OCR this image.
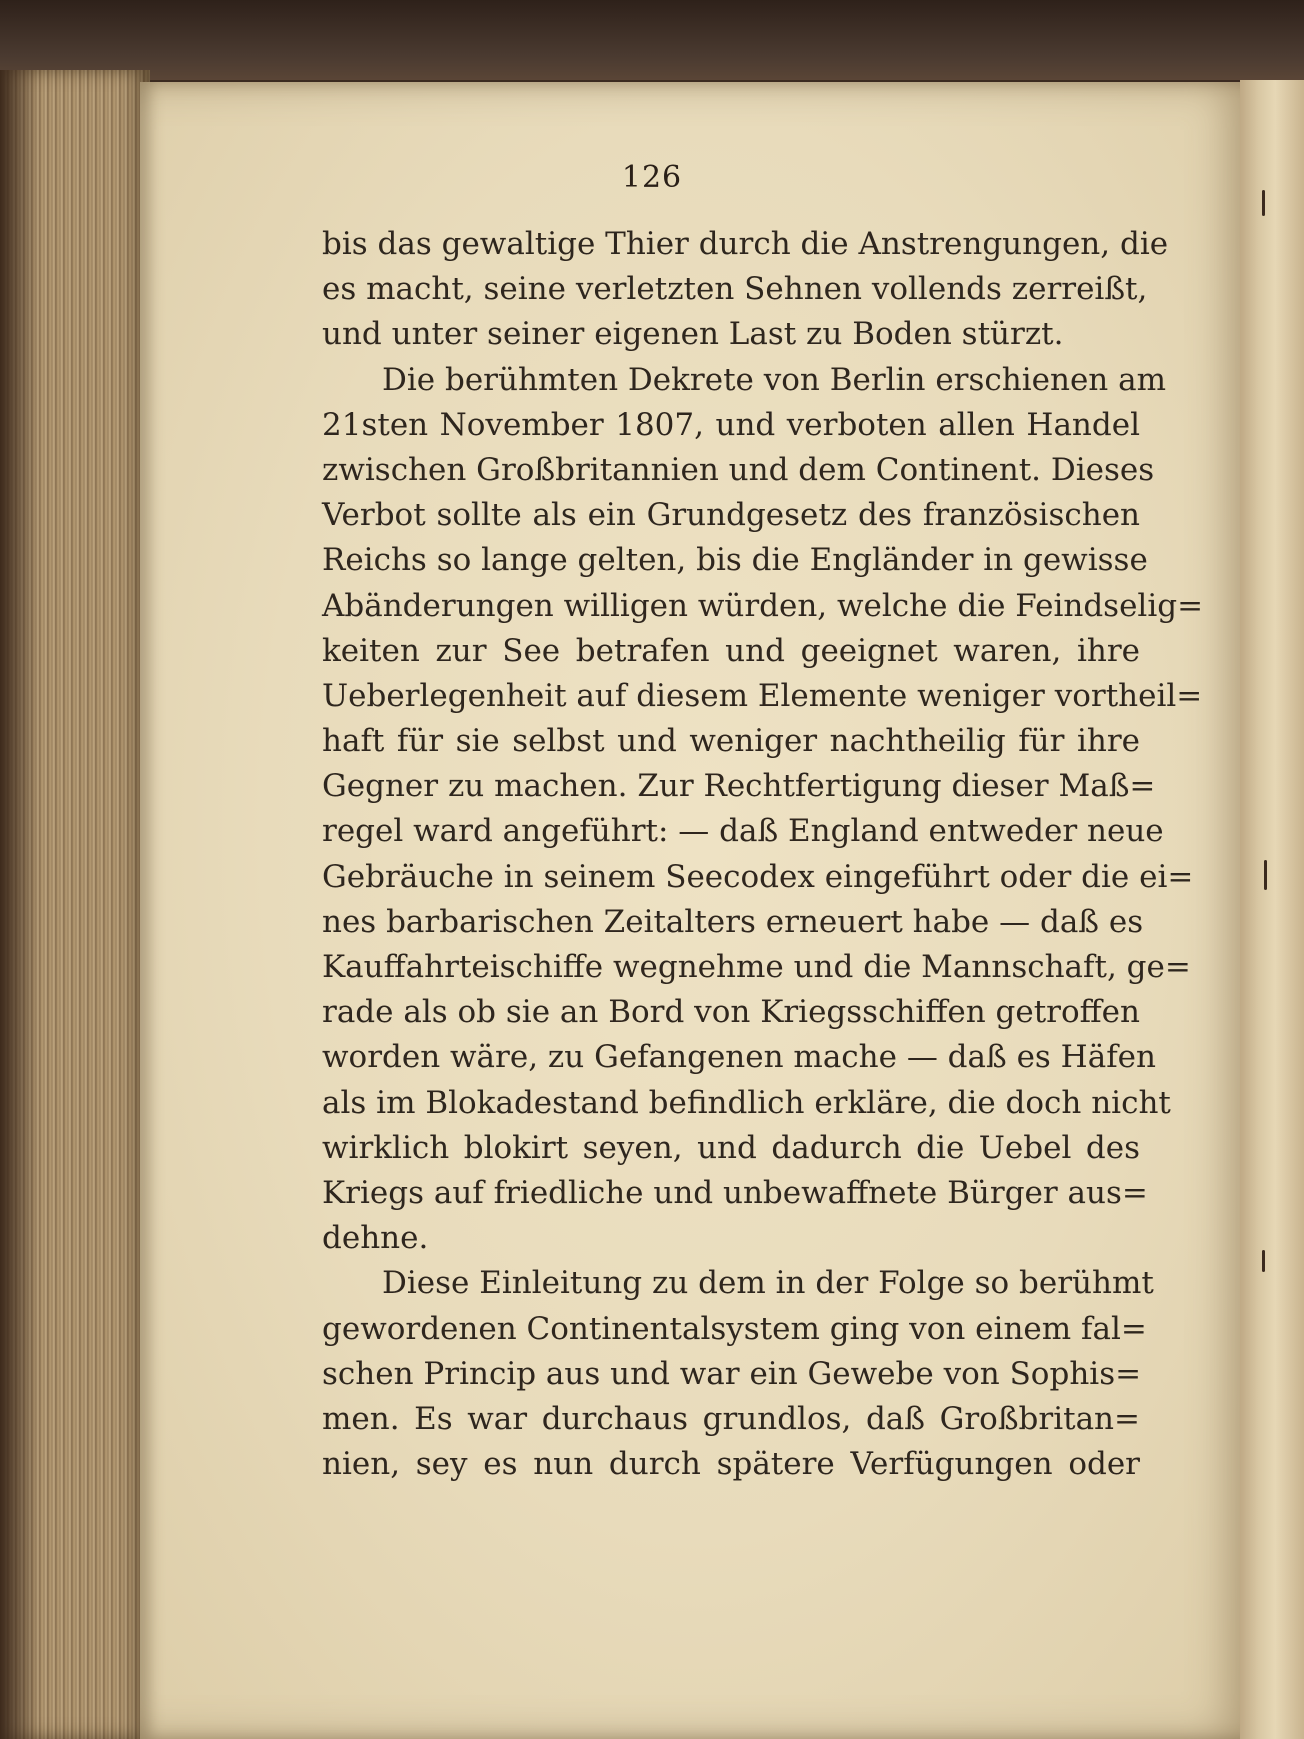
126
bis das gewaltige Thier durch die Anstrengungen, die
es macht, seine verletzten Sehnen vollends zerreißt,
und unter seiner eigenen Last zu Boden stürzt.
Die berühmten Dekrete von Berlin erschienen am
21sten November 1807, und verboten allen Handel
zwischen Großbritannien und dem Continent. Dieses
Verbot sollte als ein Grundgesetz des französischen
Reichs so lange gelten, bis die Engländer in gewisse
Abänderungen willigen würden, welche die Feindselig=
keiten zur See betrafen und geeignet waren, ihre
Ueberlegenheit auf diesem Elemente weniger vortheil=
haft für sie selbst und weniger nachtheilig für ihre
Gegner zu machen. Zur Rechtfertigung dieser Maß=
regel ward angeführt: — daß England entweder neue
Gebräuche in seinem Seecodex eingeführt oder die ei=
nes barbarischen Zeitalters erneuert habe — daß es
Kauffahrteischiffe wegnehme und die Mannschaft, ge=
rade als ob sie an Bord von Kriegsschiffen getroffen
worden wäre, zu Gefangenen mache — daß es Häfen
als im Blokadestand befindlich erkläre, die doch nicht
wirklich blokirt seyen, und dadurch die Uebel des
Kriegs auf friedliche und unbewaffnete Bürger aus=
dehne.
Diese Einleitung zu dem in der Folge so berühmt
gewordenen Continentalsystem ging von einem fal=
schen Princip aus und war ein Gewebe von Sophis=
men. Es war durchaus grundlos, daß Großbritan=
nien, sey es nun durch spätere Verfügungen oder
